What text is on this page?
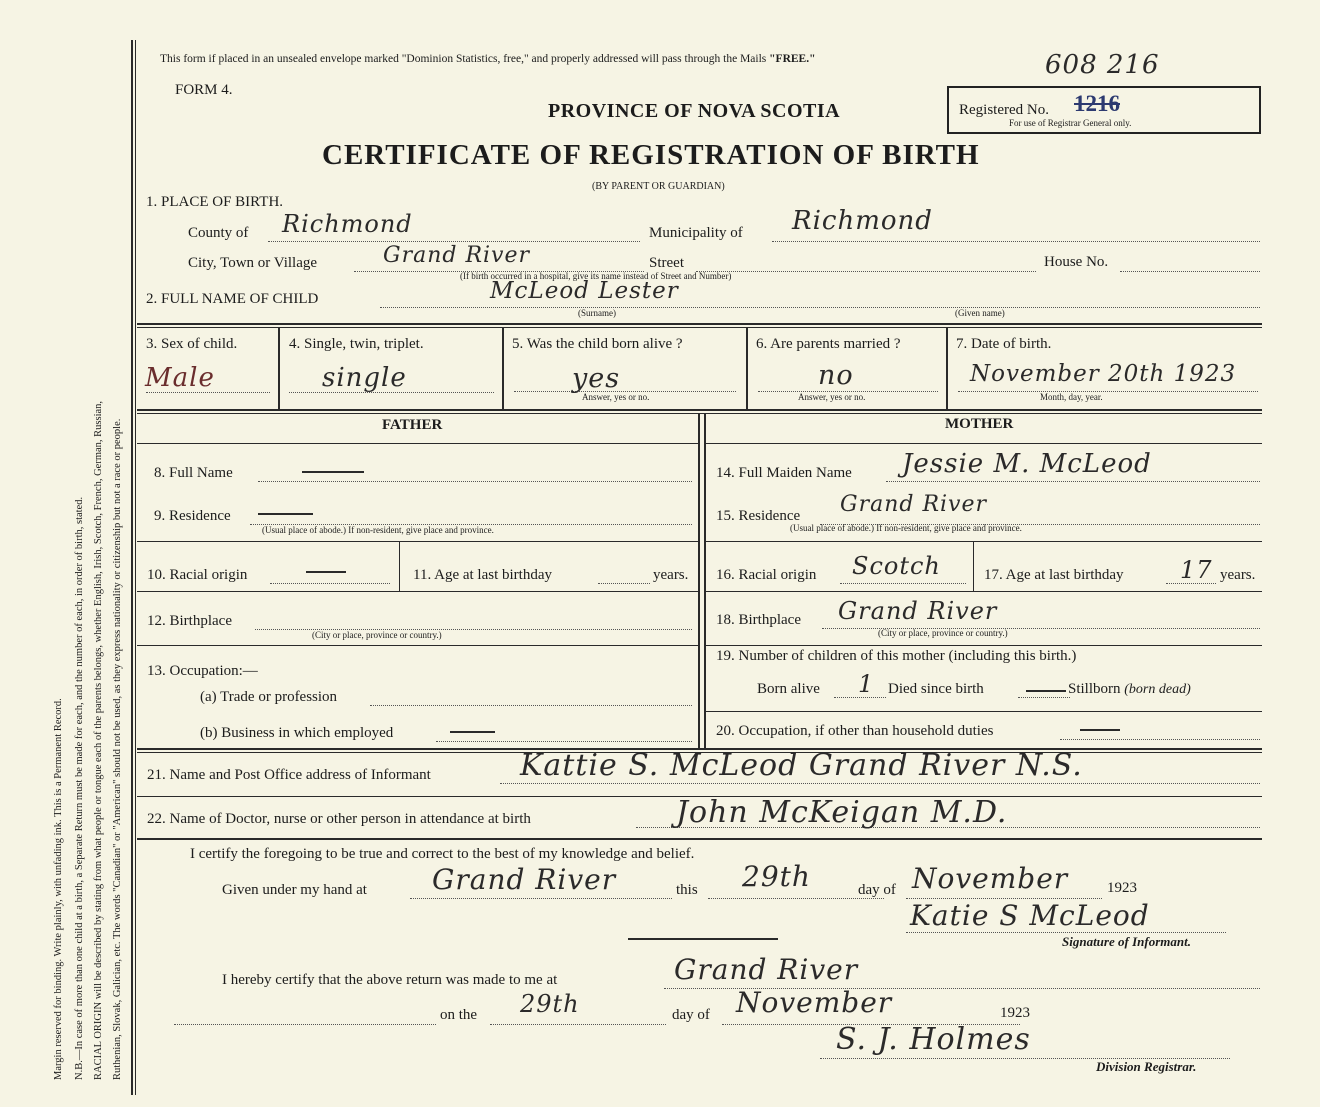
Margin reserved for binding. Write plainly, with unfading ink. This is a Permanent Record. N.B.—In case of more than one child at a birth, a Separate Return must be made for each, and the number of each, in order of birth, stated. RACIAL ORIGIN will be described by stating from what people or tongue each of the parents belongs, whether English, Irish, Scotch, French, German, Russian, Ruthenian, Slovak, Galician, etc. The words "Canadian" or "American" should not be used, as they express nationality or citizenship but not a race or people.
This form if placed in an unsealed envelope marked "Dominion Statistics, free," and properly addressed will pass through the Mails "FREE."	608 216
FORM 4.
PROVINCE OF NOVA SCOTIA	Registered No. 1216
For use of Registrar General only.
CERTIFICATE OF REGISTRATION OF BIRTH
(BY PARENT OR GUARDIAN)
1. PLACE OF BIRTH.
County of Richmond	Municipality of Richmond
City, Town or Village	Grand River	Street	House No.
(If birth occurred in a hospital, give its name instead of Street and Number)
2. FULL NAME OF CHILD	McLeod Lester
(Surname)	(Given name)
3. Sex of child.
Male
4. Single, twin, triplet.
single
5. Was the child born alive ?
yes
Answer, yes or no.
6. Are parents married ?
no
Answer, yes or no.
7. Date of birth.
November 20th 1923
Month, day, year.
FATHER	MOTHER
8. Full Name
9. Residence
(Usual place of abode.) If non-resident, give place and province.
10. Racial origin	11. Age at last birthday	years.
12. Birthplace
(City or place, province or country.)
13. Occupation:—
(a) Trade or profession
(b) Business in which employed
14. Full Maiden Name Jessie M. McLeod
15. Residence Grand River
(Usual place of abode.) If non-resident, give place and province.
16. Racial origin Scotch	17. Age at last birthday 17 years.
18. Birthplace Grand River
(City or place, province or country.)
19. Number of children of this mother (including this birth.)
Born alive 1 Died since birth	Stillborn (born dead)
20. Occupation, if other than household duties
21. Name and Post Office address of Informant	Kattie S. McLeod Grand River N.S.
22. Name of Doctor, nurse or other person in attendance at birth	John McKeigan M.D.
I certify the foregoing to be true and correct to the best of my knowledge and belief.
Given under my hand at Grand River	this 29th	day of November	1923
Katie S McLeod
Signature of Informant.
I hereby certify that the above return was made to me at	Grand River
on the 29th	day of November	1923
S. J. Holmes
Division Registrar.
